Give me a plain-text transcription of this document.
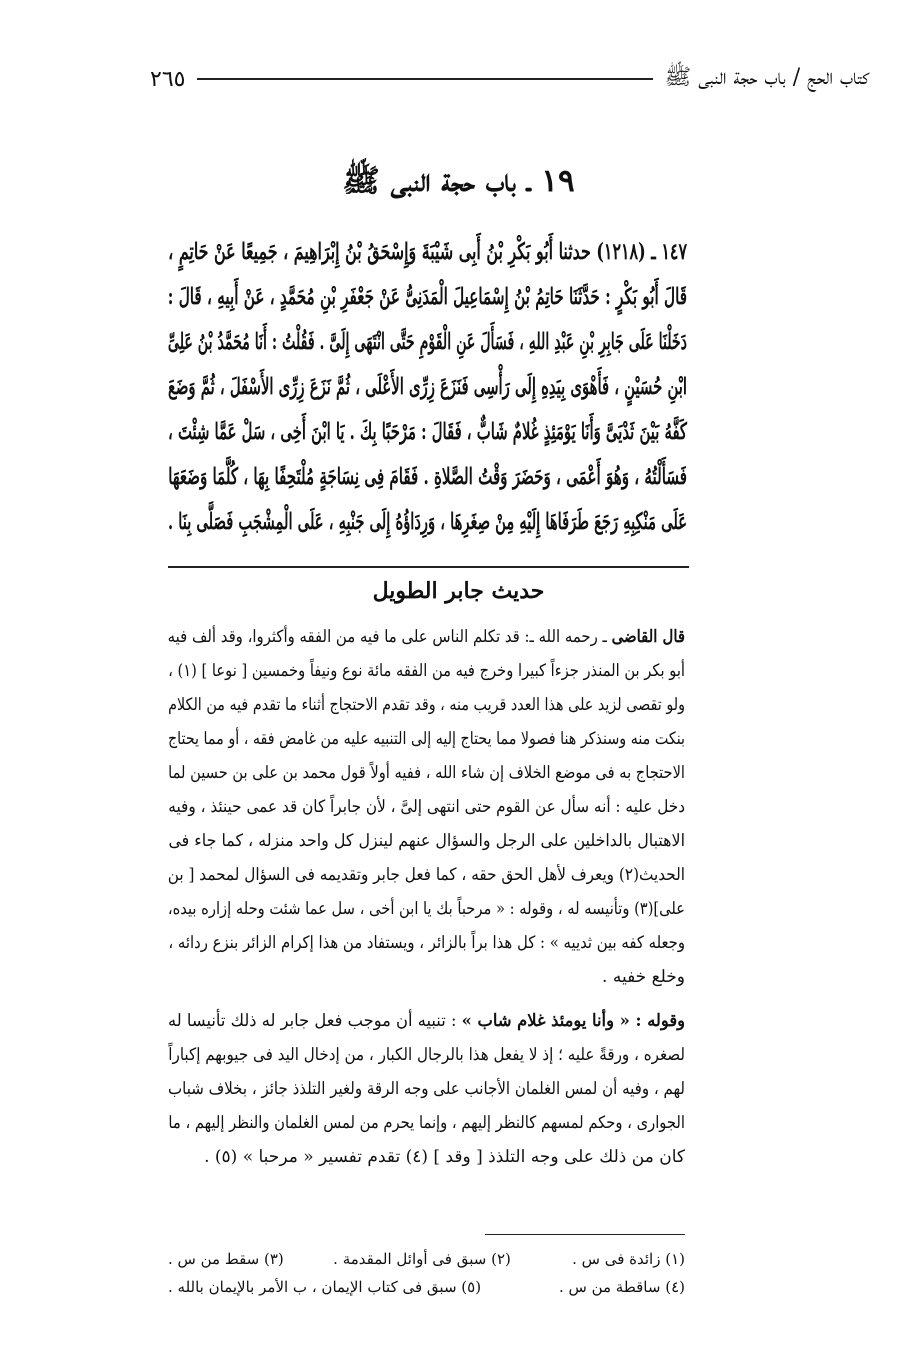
كتاب الحج / باب حجة النبى ﷺ
٢٦٥
١٩ ـ باب حجة النبى ﷺ
١٤٧ ـ (١٢١٨) حدثنا أَبُو بَكْرِ بْنُ أَبِى شَيْبَةَ وَإِسْحَقُ بْنُ إِبْرَاهِيمَ ، جَمِيعًا عَنْ حَاتِمٍ ،
قَالَ أَبُو بَكْرٍ : حَدَّثَنَا حَاتِمُ بْنُ إِسْمَاعِيلَ الْمَدَنِىُّ عَنْ جَعْفَرِ بْنِ مُحَمَّدٍ ، عَنْ أَبِيهِ ، قَالَ :
دَخَلْنَا عَلَى جَابِرِ بْنِ عَبْدِ اللهِ ، فَسَأَلَ عَنِ الْقَوْمِ حَتَّى انْتَهَى إِلَىَّ . فَقُلْتُ : أَنَا مُحَمَّدُ بْنُ عَلِىِّ
ابْنِ حُسَيْنٍ ، فَأَهْوَى بِيَدِهِ إِلَى رَأْسِى فَنَزَعَ زِرِّى الأَعْلَى ، ثُمَّ نَزَعَ زِرِّى الأَسْفَلَ ، ثُمَّ وَضَعَ
كَفَّهُ بَيْنَ ثَدْيَىَّ وَأَنَا يَوْمَئِذٍ غُلامٌ شَابٌّ ، فَقَالَ : مَرْحَبًا بِكَ . يَا ابْنَ أَخِى ، سَلْ عَمَّا شِئْتَ ،
فَسَأَلْتُهُ ، وَهُوَ أَعْمَى ، وَحَضَرَ وَقْتُ الصَّلاةِ . فَقَامَ فِى نِسَاجَةٍ مُلْتَحِفًا بِهَا ، كُلَّمَا وَضَعَهَا
عَلَى مَنْكِبِهِ رَجَعَ طَرَفَاهَا إِلَيْهِ مِنْ صِغَرِهَا ، وَرِدَاؤُهُ إِلَى جَنْبِهِ ، عَلَى الْمِشْجَبِ فَصَلَّى بِنَا .
حديث جابر الطويل
قال القاضى ـ رحمه الله ـ: قد تكلم الناس على ما فيه من الفقه وأكثروا، وقد ألف فيه
أبو بكر بن المنذر جزءاً كبيرا وخرج فيه من الفقه مائة نوع ونيفاً وخمسين [ نوعا ] (١) ،
ولو تقصى لزيد على هذا العدد قريب منه ، وقد تقدم الاحتجاج أثناء ما تقدم فيه من الكلام
بنكت منه وسنذكر هنا فصولا مما يحتاج إليه إلى التنبيه عليه من غامض فقه ، أو مما يحتاج
الاحتجاج به فى موضع الخلاف إن شاء الله ، ففيه أولاً قول محمد بن على بن حسين لما
دخل عليه : أنه سأل عن القوم حتى انتهى إلىَّ ، لأن جابراً كان قد عمى حينئذ ، وفيه
الاهتبال بالداخلين على الرجل والسؤال عنهم لينزل كل واحد منزله ، كما جاء فى
الحديث(٢) ويعرف لأهل الحق حقه ، كما فعل جابر وتقديمه فى السؤال لمحمد [ بن
على](٣) وتأنيسه له ، وقوله : « مرحباً بك يا ابن أخى ، سل عما شئت وحله إزاره بيده،
وجعله كفه بين ثدييه » : كل هذا براً بالزائر ، ويستفاد من هذا إكرام الزائر بنزع ردائه ،
وخلع خفيه .
وقوله : « وأنا يومئذ غلام شاب » : تنبيه أن موجب فعل جابر له ذلك تأنيسا له
لصغره ، ورقةً عليه ؛ إذ لا يفعل هذا بالرجال الكبار ، من إدخال اليد فى جيوبهم إكباراً
لهم ، وفيه أن لمس الغلمان الأجانب على وجه الرقة ولغير التلذذ جائز ، بخلاف شباب
الجوارى ، وحكم لمسهم كالنظر إليهم ، وإنما يحرم من لمس الغلمان والنظر إليهم ، ما
كان من ذلك على وجه التلذذ [ وقد ] (٤) تقدم تفسير « مرحبا » (٥) .
(١) زائدة فى س .
(٢) سبق فى أوائل المقدمة .
(٣) سقط من س .
(٤) ساقطة من س .
(٥) سبق فى كتاب الإيمان ، ب الأمر بالإيمان بالله .
